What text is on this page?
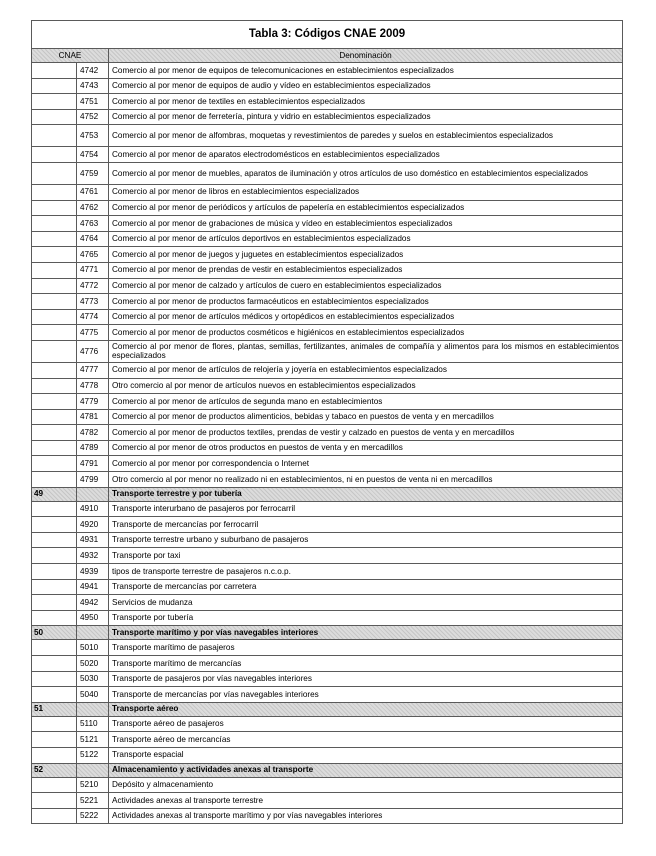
Tabla 3: Códigos CNAE 2009		
CNAE		Denominación
	4742	Comercio al por menor de equipos de telecomunicaciones en establecimientos especializados
	4743	Comercio al por menor de equipos de audio y vídeo en establecimientos especializados
	4751	Comercio al por menor de textiles en establecimientos especializados
	4752	Comercio al por menor de ferretería, pintura y vidrio en establecimientos especializados
	4753	Comercio al por menor de alfombras, moquetas y revestimientos de paredes y suelos en establecimientos especializados
	4754	Comercio al por menor de aparatos electrodomésticos en establecimientos especializados
	4759	Comercio al por menor de muebles, aparatos de iluminación y otros artículos de uso doméstico en establecimientos especializados
	4761	Comercio al por menor de libros en establecimientos especializados
	4762	Comercio al por menor de periódicos y artículos de papelería en establecimientos especializados
	4763	Comercio al por menor de grabaciones de música y vídeo en establecimientos especializados
	4764	Comercio al por menor de artículos deportivos en establecimientos especializados
	4765	Comercio al por menor de juegos y juguetes en establecimientos especializados
	4771	Comercio al por menor de prendas de vestir en establecimientos especializados
	4772	Comercio al por menor de calzado y artículos de cuero en establecimientos especializados
	4773	Comercio al por menor de productos farmacéuticos en establecimientos especializados
	4774	Comercio al por menor de artículos médicos y ortopédicos en establecimientos especializados
	4775	Comercio al por menor de productos cosméticos e higiénicos en establecimientos especializados
	4776	Comercio al por menor de flores, plantas, semillas, fertilizantes, animales de compañía y alimentos para los mismos en establecimientos especializados
	4777	Comercio al por menor de artículos de relojería y joyería en establecimientos especializados
	4778	Otro comercio al por menor de artículos nuevos en establecimientos especializados
	4779	Comercio al por menor de artículos de segunda mano en establecimientos
	4781	Comercio al por menor de productos alimenticios, bebidas y tabaco en puestos de venta y en mercadillos
	4782	Comercio al por menor de productos textiles, prendas de vestir y calzado en puestos de venta y en mercadillos
	4789	Comercio al por menor de otros productos en puestos de venta y en mercadillos
	4791	Comercio al por menor por correspondencia o Internet
	4799	Otro comercio al por menor no realizado ni en establecimientos, ni en puestos de venta ni en mercadillos
49		Transporte terrestre y por tubería
	4910	Transporte interurbano de pasajeros por ferrocarril
	4920	Transporte de mercancías por ferrocarril
	4931	Transporte terrestre urbano y suburbano de pasajeros
	4932	Transporte por taxi
	4939	tipos de transporte terrestre de pasajeros n.c.o.p.
	4941	Transporte de mercancías por carretera
	4942	Servicios de mudanza
	4950	Transporte por tubería
50		Transporte marítimo y por vías navegables interiores
	5010	Transporte marítimo de pasajeros
	5020	Transporte marítimo de mercancías
	5030	Transporte de pasajeros por vías navegables interiores
	5040	Transporte de mercancías por vías navegables interiores
51		Transporte aéreo
	5110	Transporte aéreo de pasajeros
	5121	Transporte aéreo de mercancías
	5122	Transporte espacial
52		Almacenamiento y actividades anexas al transporte
	5210	Depósito y almacenamiento
	5221	Actividades anexas al transporte terrestre
	5222	Actividades anexas al transporte marítimo y por vías navegables interiores
